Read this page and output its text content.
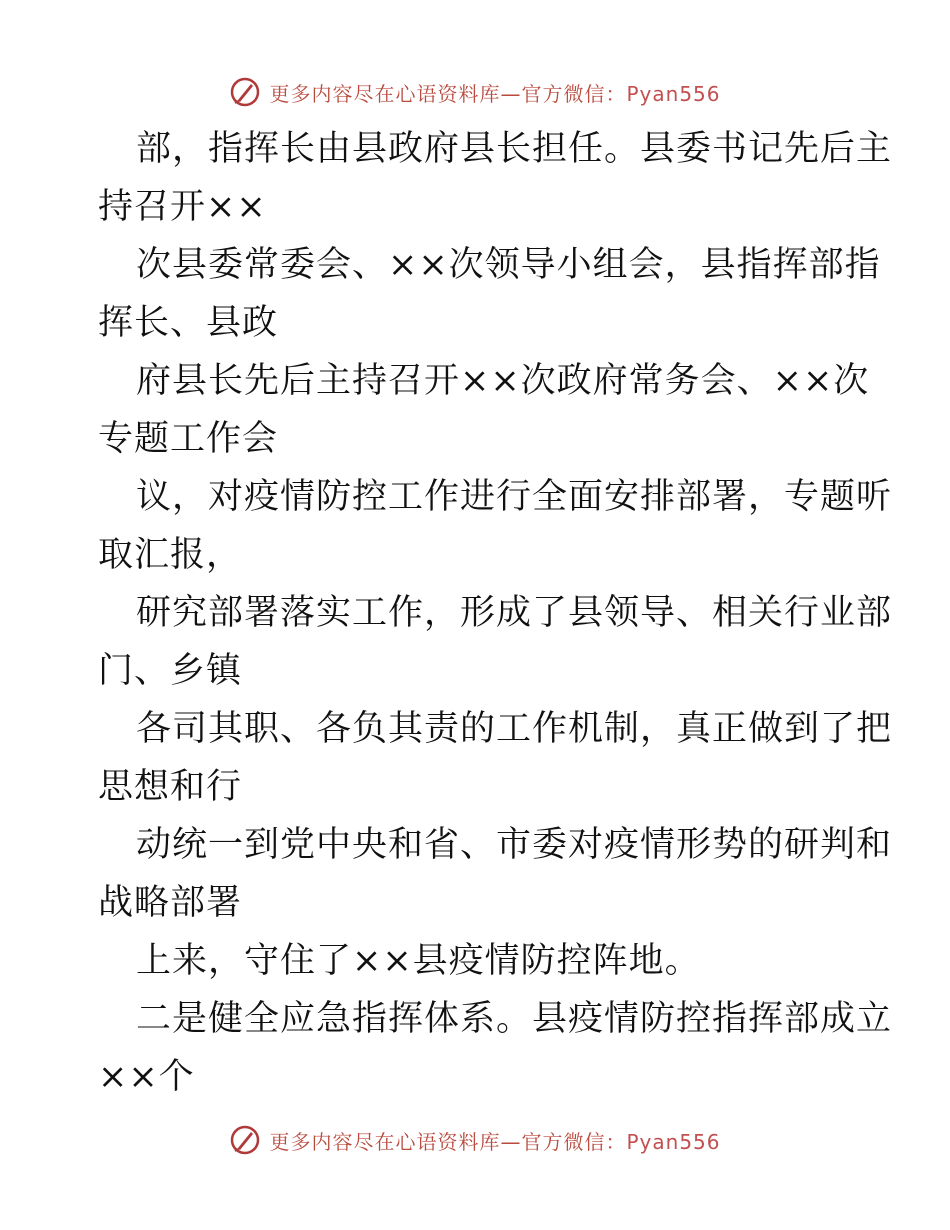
更多内容尽在心语资料库—官方微信：Pyan556
部，指挥长由县政府县长担任。县委书记先后主
持召开××
次县委常委会、××次领导小组会，县指挥部指
挥长、县政
府县长先后主持召开××次政府常务会、××次
专题工作会
议，对疫情防控工作进行全面安排部署，专题听
取汇报，
研究部署落实工作，形成了县领导、相关行业部
门、乡镇
各司其职、各负其责的工作机制，真正做到了把
思想和行
动统一到党中央和省、市委对疫情形势的研判和
战略部署
上来，守住了××县疫情防控阵地。
二是健全应急指挥体系。县疫情防控指挥部成立
××个
更多内容尽在心语资料库—官方微信：Pyan556
